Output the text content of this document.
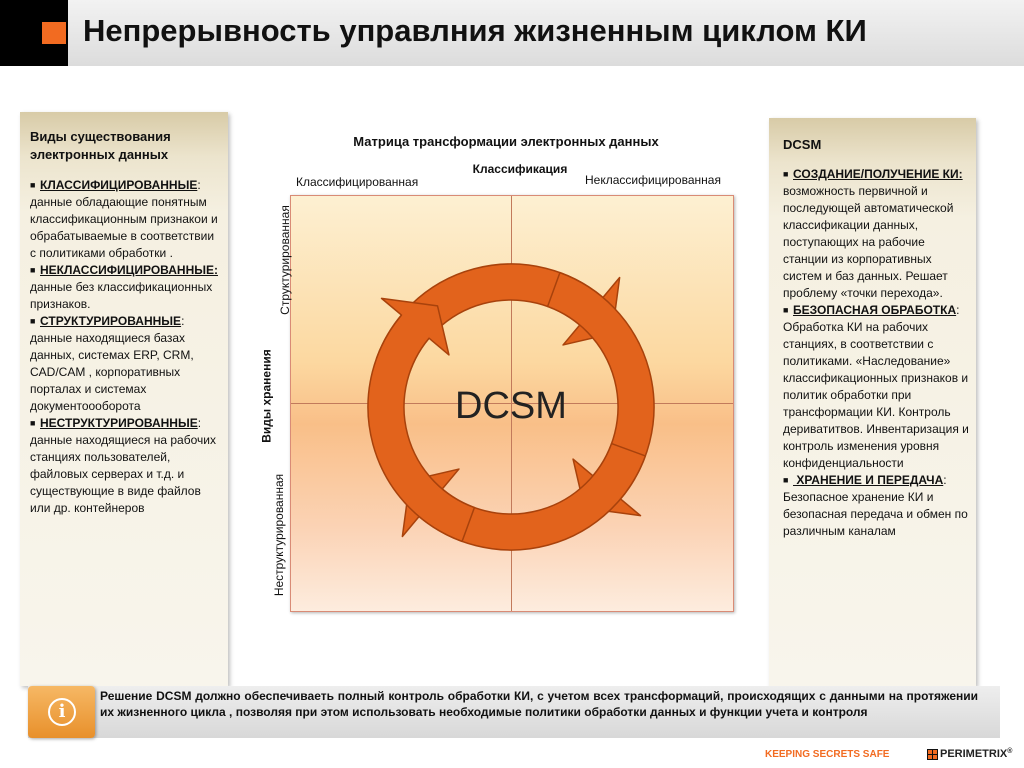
Непрерывность управлния жизненным циклом КИ
Виды существования электронных данных

■ КЛАССИФИЦИРОВАННЫЕ: данные обладающие понятным классификационным признакои и обрабатываемые в соответствии с политиками обработки .

■ НЕКЛАССИФИЦИРОВАННЫЕ: данные без классификационных признаков.

■ СТРУКТУРИРОВАННЫЕ: данные находящиеся базах данных, системах ERP, CRM, CAD/CAM , корпоративных порталах и системах документоооборота

■ НЕСТРУКТУРИРОВАННЫЕ: данные находящиеся на рабочих станциях пользователей, файловых серверах и т.д. и существующие в виде файлов или др. контейнеров

Матрица трансформации электронных данных
Классификация
Классифицированная	Неклассифицированная
DCSM
Структурированная
Виды хранения
Неструктурированная
DCSM

■ СОЗДАНИЕ/ПОЛУЧЕНИЕ КИ: возможность первичной и последующей автоматической классификации данных, поступающих на рабочие станции из корпоративных систем и баз данных. Решает проблему «точки перехода».

■ БЕЗОПАСНАЯ ОБРАБОТКА: Обработка КИ на рабочих станциях, в соответствии с политиками. «Наследование» классификационных признаков и политик обработки при трансформации КИ. Контроль дериватитвов. Инвентаризация и контроль изменения уровня конфиденциальности

■ ХРАНЕНИЕ И ПЕРЕДАЧА: Безопасное хранение КИ и безопасная передача и обмен по различным каналам

i
Решение DCSM должно обеспечиваеть полный контроль обработки КИ, с учетом всех трансформаций, происходящих с данными на протяжении их жизненного цикла , позволяя при этом использовать необходимые политики обработки данных и функции учета и контроля
KEEPING SECRETS SAFE	PERIMETRIX®
